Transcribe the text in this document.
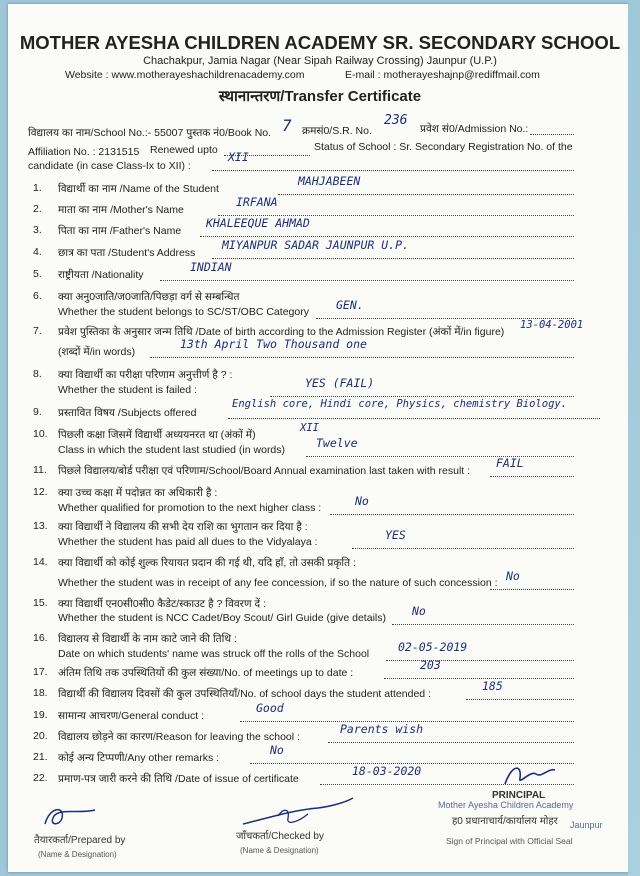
MOTHER AYESHA CHILDREN ACADEMY SR. SECONDARY SCHOOL
Chachakpur, Jamia Nagar (Near Sipah Railway Crossing) Jaunpur (U.P.)
Website : www.motherayeshachildrenacademy.com	E-mail : motherayeshajnp@rediffmail.com
स्थानान्तरण/Transfer Certificate
विद्यालय का नाम/School No.:- 55007 पुस्तक नं0/Book No. 7 क्रमसं0/S.R. No.
236
प्रवेश सं0/Admission No.:
Affiliation No. : 2131515 Renewed upto	Status of School : Sr. Secondary Registration No. of the
candidate (in case Class-Ix to XII) :
XII
1. विद्यार्थी का नाम /Name of the Student
MAHJABEEN
2. माता का नाम /Mother's Name
IRFANA
3. पिता का नाम /Father's Name
KHALEEQUE AHMAD
4. छात्र का पता /Student's Address
MIYANPUR SADAR JAUNPUR U.P.
5. राष्ट्रीयता /Nationality
INDIAN
6. क्या अनु0जाति/ज0जाति/पिछड़ा वर्ग से सम्बन्धित
Whether the student belongs to SC/ST/OBC Category GEN.
7. प्रवेश पुस्तिका के अनुसार जन्म तिथि /Date of birth according to the Admission Register (अंकों में/in figure)
(शब्दों में/in words)
13-04-2001
13th April Two Thousand one
8. क्या विद्यार्थी का परीक्षा परिणाम अनुत्तीर्ण है ? :
Whether the student is failed :	YES (FAIL)
9. प्रस्तावित विषय /Subjects offered
English core, Hindi core, Physics, chemistry Biology.
10. पिछली कक्षा जिसमें विद्यार्थी अध्ययनरत था (अंकों में)
Class in which the student last studied (in words)
XII
Twelve
11. पिछले विद्यालय/बोर्ड परीक्षा एवं परिणाम/School/Board Annual examination last taken with result :
FAIL
12. क्या उच्च कक्षा में पदोन्नत का अधिकारी है :
Whether qualified for promotion to the next higher class :	No
13. क्या विद्यार्थी ने विद्यालय की सभी देय राशि का भुगतान कर दिया है :
Whether the student has paid all dues to the Vidyalaya :	YES
14. क्या विद्यार्थी को कोई शुल्क रियायत प्रदान की गई थी, यदि हाँ, तो उसकी प्रकृति :
Whether the student was in receipt of any fee concession, if so the nature of such concession : No
15. क्या विद्यार्थी एन0सी0सी0 कैडेट/स्काउट है ? विवरण दें :
Whether the student is NCC Cadet/Boy Scout/ Girl Guide (give details) No
16. विद्यालय से विद्यार्थी के नाम काटे जाने की तिथि :
Date on which students' name was struck off the rolls of the School	02-05-2019
17. अंतिम तिथि तक उपस्थितियों की कुल संख्या/No. of meetings up to date :
203
18. विद्यार्थी की विद्यालय दिवसों की कुल उपस्थितियाँ/No. of school days the student attended :
185
19. सामान्य आचरण/General conduct :
Good
20. विद्यालय छोड़ने का कारण/Reason for leaving the school :
Parents wish
21. कोई अन्य टिप्पणी/Any other remarks :
No
22. प्रमाण-पत्र जारी करने की तिथि /Date of issue of certificate
18-03-2020
तैयारकर्ता/Prepared by
(Name & Designation)
जाँचकर्ता/Checked by
(Name & Designation)
PRINCIPAL
Mother Ayesha Children Academy
Jaunpur
ह0 प्रधानाचार्य/कार्यालय मोहर
Sign of Principal with Official Seal
